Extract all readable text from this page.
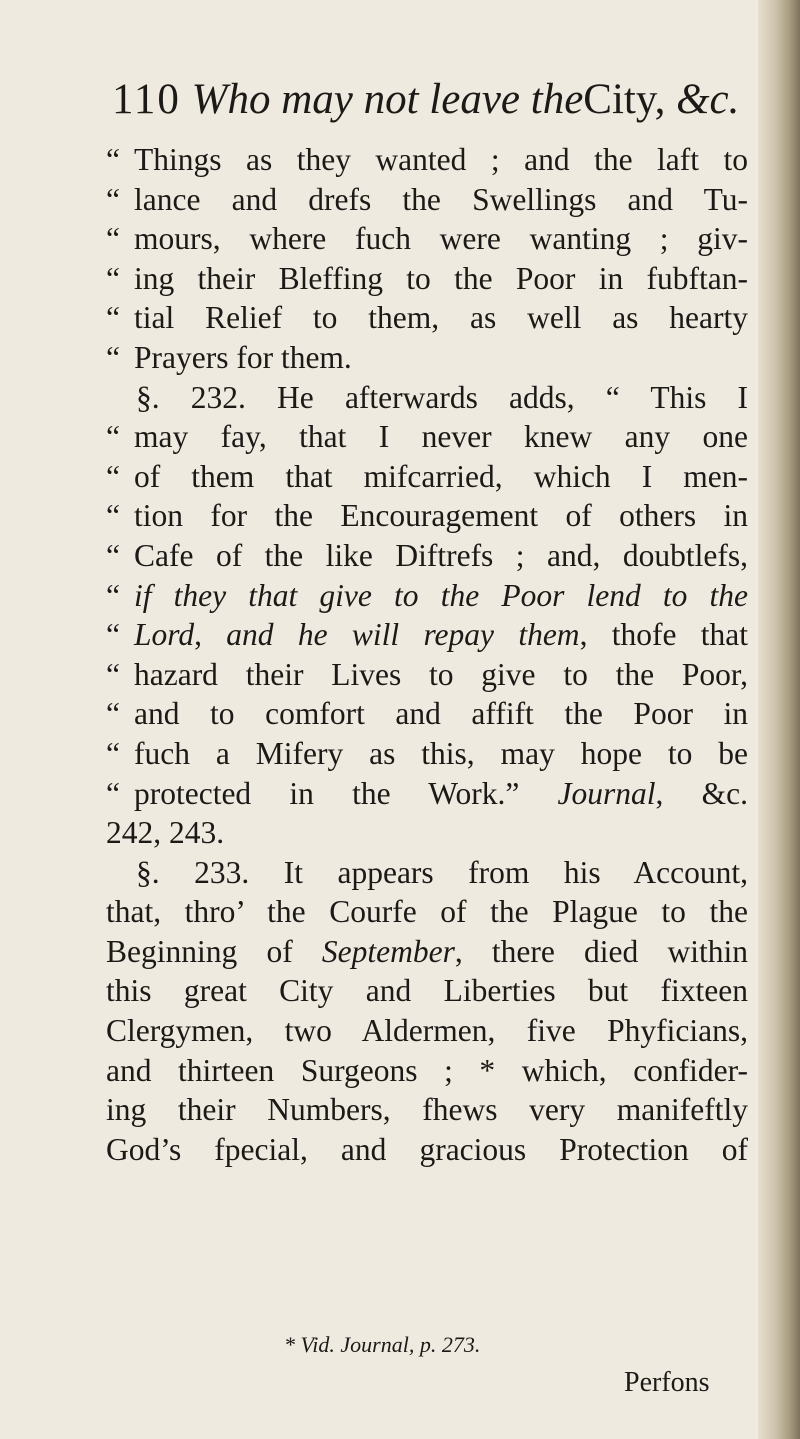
110 Who may not leave theCity, &c.
“ Things as they wanted ; and the laft to
“ lance and drefs the Swellings and Tu-
“ mours, where fuch were wanting ; giv-
“ ing their Bleffing to the Poor in fubftan-
“ tial Relief to them, as well as hearty
“ Prayers for them.
§. 232. He afterwards adds, “ This I
“ may fay, that I never knew any one
“ of them that mifcarried, which I men-
“ tion for the Encouragement of others in
“ Cafe of the like Diftrefs ; and, doubtlefs,
“ if they that give to the Poor lend to the
“ Lord, and he will repay them, thofe that
“ hazard their Lives to give to the Poor,
“ and to comfort and affift the Poor in
“ fuch a Mifery as this, may hope to be
“ protected in the Work.” Journal, &c.
242, 243.
§. 233. It appears from his Account,
that, thro’ the Courfe of the Plague to the
Beginning of September, there died within
this great City and Liberties but fixteen
Clergymen, two Aldermen, five Phyficians,
and thirteen Surgeons ; * which, confider-
ing their Numbers, fhews very manifeftly
God’s fpecial, and gracious Protection of
* Vid. Journal, p. 273.
Perfons
